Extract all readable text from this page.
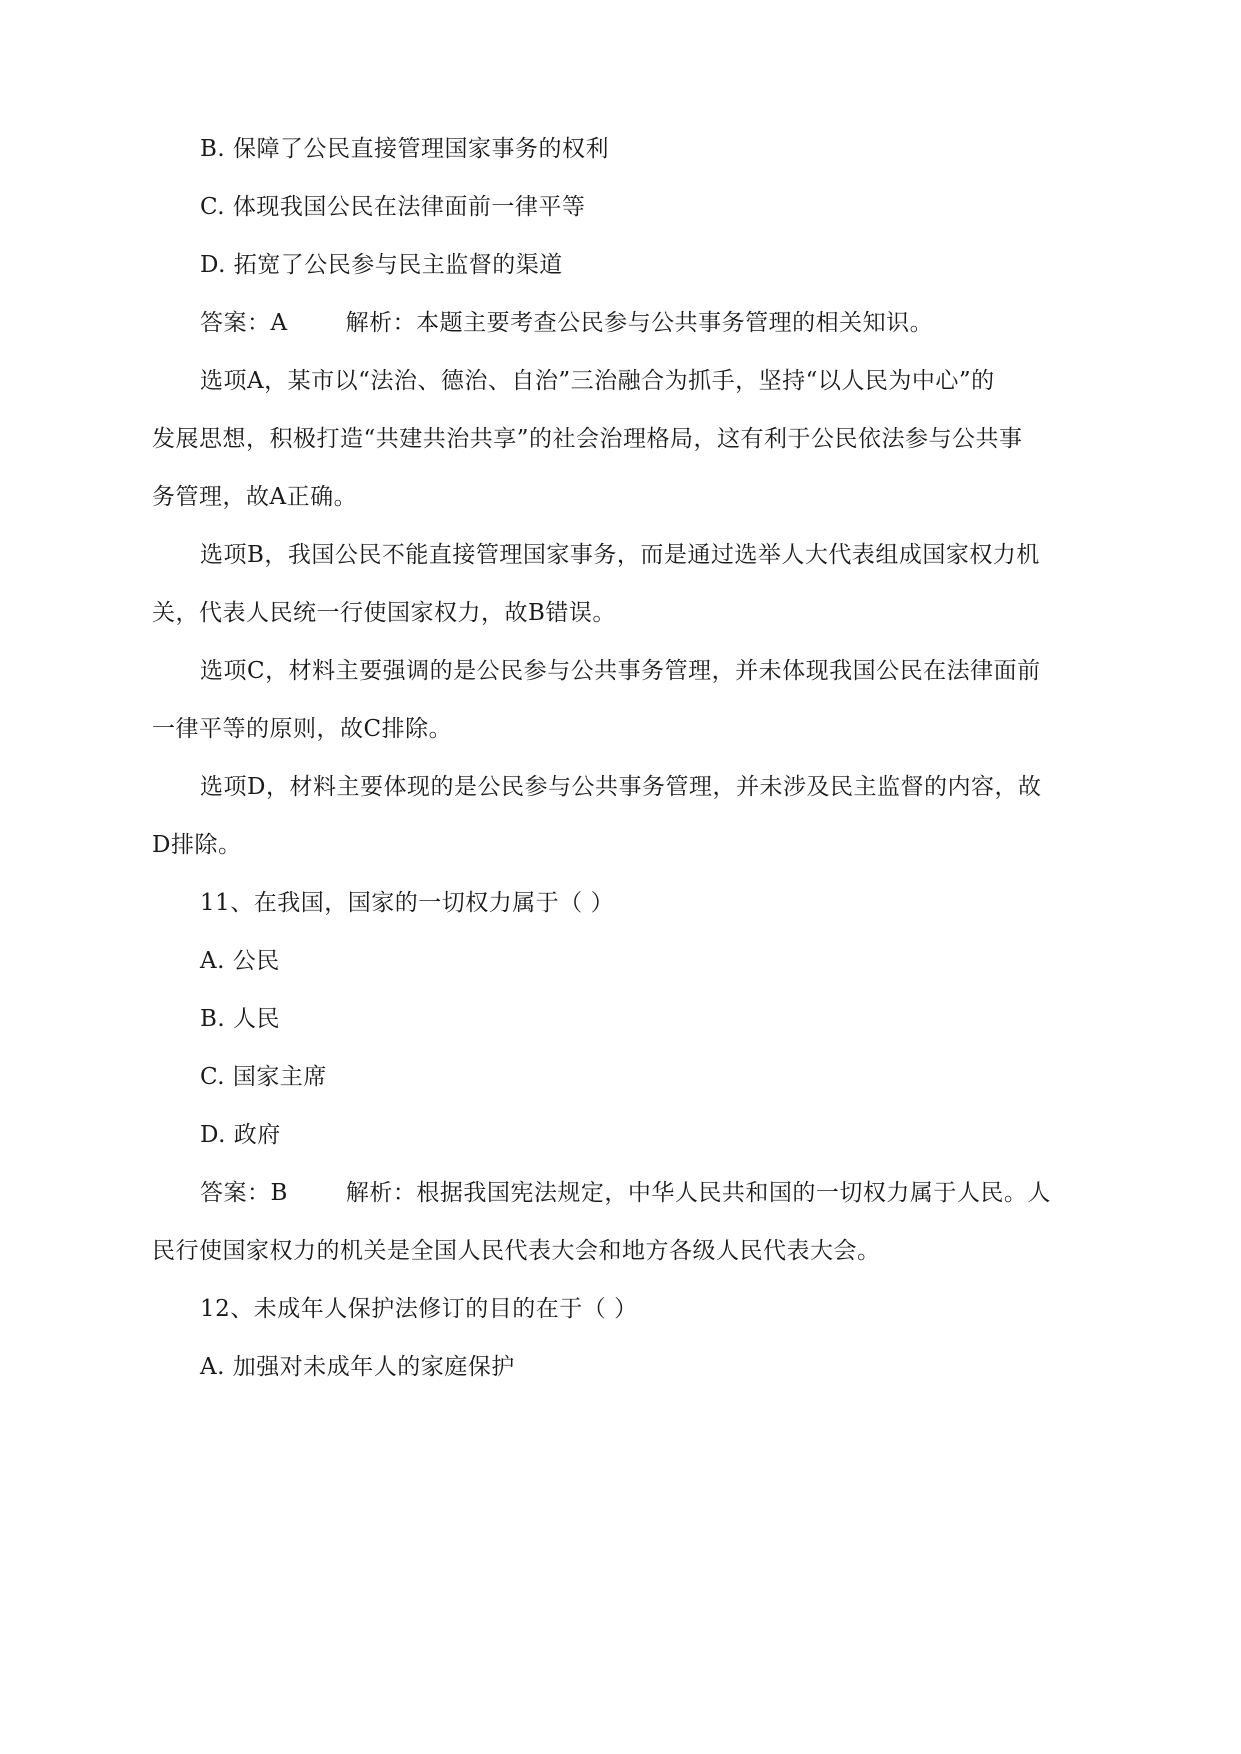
B. 保障了公民直接管理国家事务的权利
C. 体现我国公民在法律面前一律平等
D. 拓宽了公民参与民主监督的渠道
答案：A	解析：本题主要考查公民参与公共事务管理的相关知识。
选项A，某市以“法治、德治、自治”三治融合为抓手，坚持“以人民为中心”的
发展思想，积极打造“共建共治共享”的社会治理格局，这有利于公民依法参与公共事
务管理，故A正确。
选项B，我国公民不能直接管理国家事务，而是通过选举人大代表组成国家权力机
关，代表人民统一行使国家权力，故B错误。
选项C，材料主要强调的是公民参与公共事务管理，并未体现我国公民在法律面前
一律平等的原则，故C排除。
选项D，材料主要体现的是公民参与公共事务管理，并未涉及民主监督的内容，故
D排除。
11、在我国，国家的一切权力属于（ ）
A. 公民
B. 人民
C. 国家主席
D. 政府
答案：B	解析：根据我国宪法规定，中华人民共和国的一切权力属于人民。人
民行使国家权力的机关是全国人民代表大会和地方各级人民代表大会。
12、未成年人保护法修订的目的在于（ ）
A. 加强对未成年人的家庭保护
